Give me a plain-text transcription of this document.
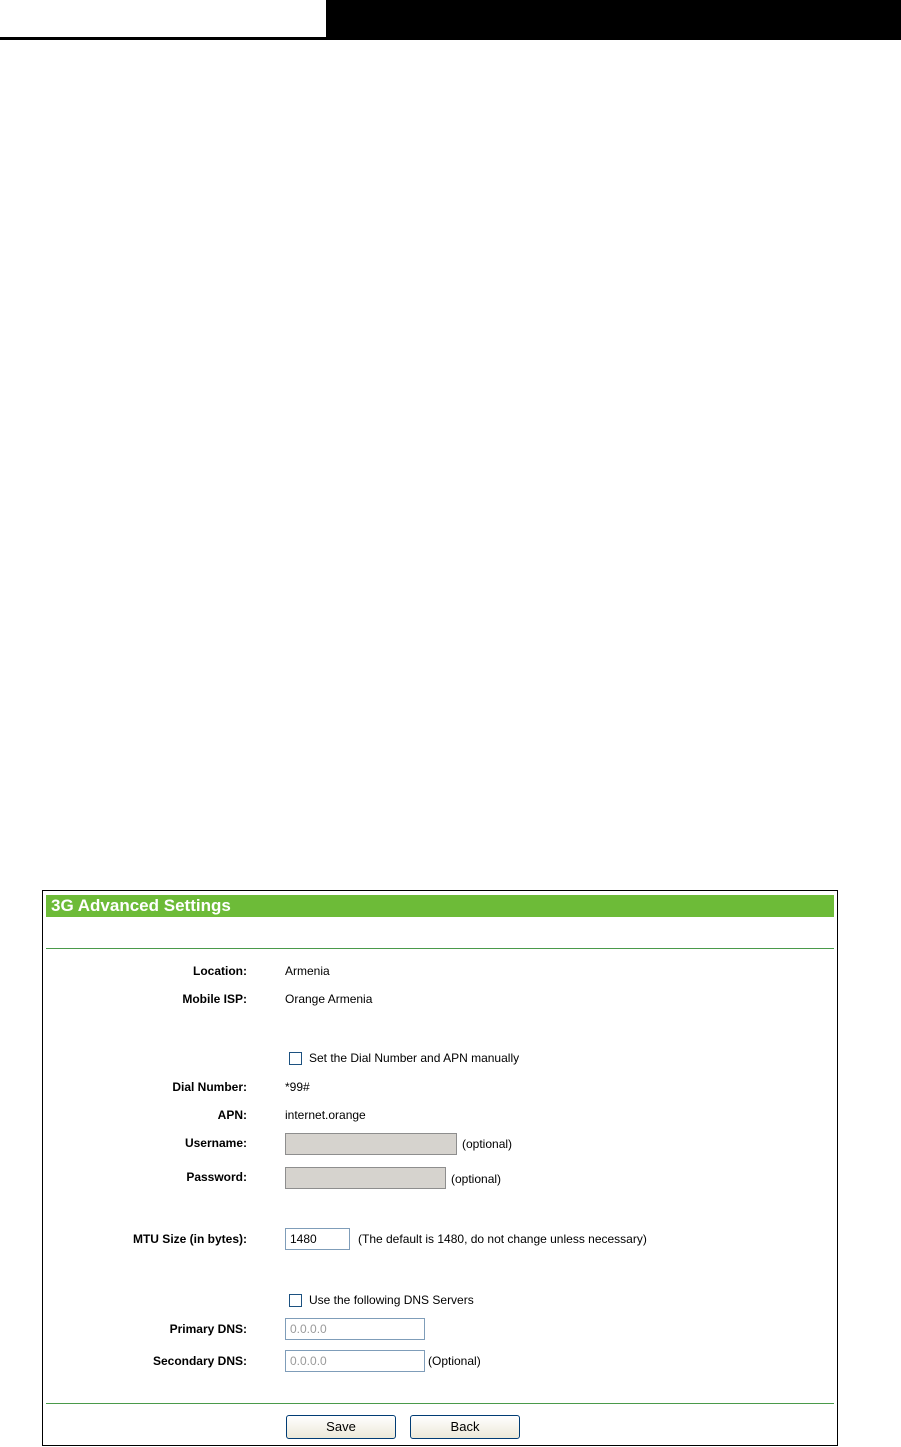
3G Advanced Settings
Location:	Armenia
Mobile ISP:	Orange Armenia
Set the Dial Number and APN manually
Dial Number:	*99#
APN:	internet.orange
Username:	(optional)
Password:	(optional)
MTU Size (in bytes):	1480	(The default is 1480, do not change unless necessary)
Use the following DNS Servers
Primary DNS:	0.0.0.0
Secondary DNS:	0.0.0.0	(Optional)
Save	Back
